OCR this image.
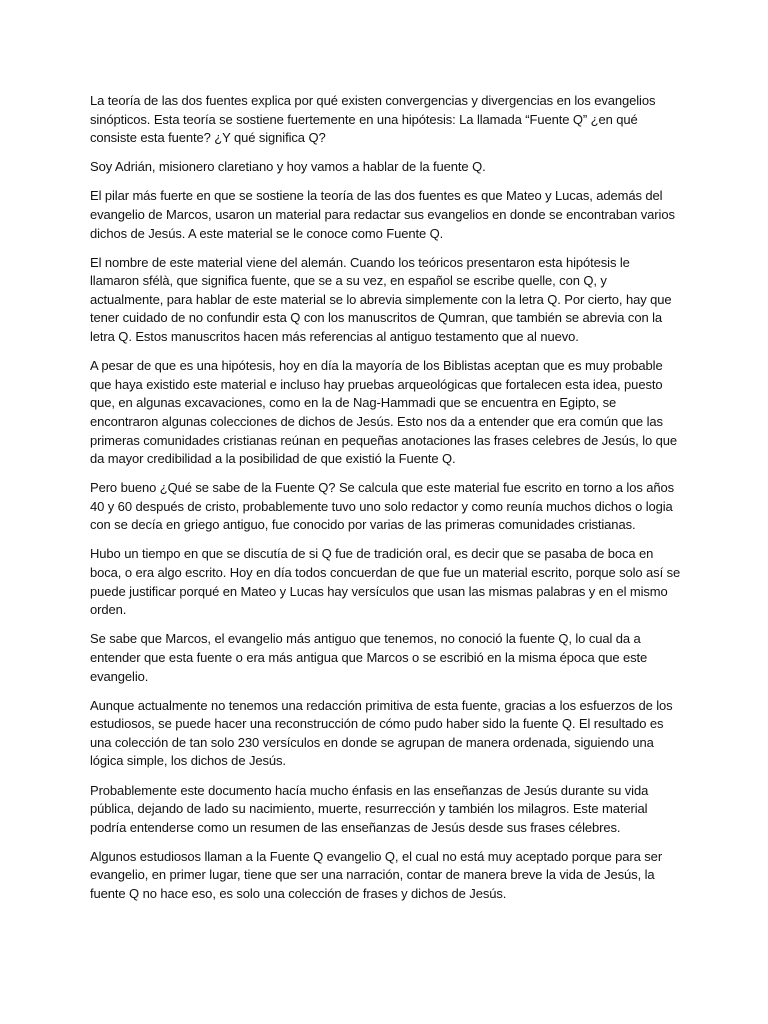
La teoría de las dos fuentes explica por qué existen convergencias y divergencias en los evangelios sinópticos. Esta teoría se sostiene fuertemente en una hipótesis: La llamada “Fuente Q” ¿en qué consiste esta fuente? ¿Y qué significa Q?

Soy Adrián, misionero claretiano y hoy vamos a hablar de la fuente Q.

El pilar más fuerte en que se sostiene la teoría de las dos fuentes es que Mateo y Lucas, además del evangelio de Marcos, usaron un material para redactar sus evangelios en donde se encontraban varios dichos de Jesús. A este material se le conoce como Fuente Q.

El nombre de este material viene del alemán. Cuando los teóricos presentaron esta hipótesis le llamaron sfélà, que significa fuente, que se a su vez, en español se escribe quelle, con Q, y actualmente, para hablar de este material se lo abrevia simplemente con la letra Q. Por cierto, hay que tener cuidado de no confundir esta Q con los manuscritos de Qumran, que también se abrevia con la letra Q. Estos manuscritos hacen más referencias al antiguo testamento que al nuevo.

A pesar de que es una hipótesis, hoy en día la mayoría de los Biblistas aceptan que es muy probable que haya existido este material e incluso hay pruebas arqueológicas que fortalecen esta idea, puesto que, en algunas excavaciones, como en la de Nag-Hammadi que se encuentra en Egipto, se encontraron algunas colecciones de dichos de Jesús. Esto nos da a entender que era común que las primeras comunidades cristianas reúnan en pequeñas anotaciones las frases celebres de Jesús, lo que da mayor credibilidad a la posibilidad de que existió la Fuente Q.

Pero bueno ¿Qué se sabe de la Fuente Q? Se calcula que este material fue escrito en torno a los años 40 y 60 después de cristo, probablemente tuvo uno solo redactor y como reunía muchos dichos o logia con se decía en griego antiguo, fue conocido por varias de las primeras comunidades cristianas.

Hubo un tiempo en que se discutía de si Q fue de tradición oral, es decir que se pasaba de boca en boca, o era algo escrito. Hoy en día todos concuerdan de que fue un material escrito, porque solo así se puede justificar porqué en Mateo y Lucas hay versículos que usan las mismas palabras y en el mismo orden.

Se sabe que Marcos, el evangelio más antiguo que tenemos, no conoció la fuente Q, lo cual da a entender que esta fuente o era más antigua que Marcos o se escribió en la misma época que este evangelio.

Aunque actualmente no tenemos una redacción primitiva de esta fuente, gracias a los esfuerzos de los estudiosos, se puede hacer una reconstrucción de cómo pudo haber sido la fuente Q. El resultado es una colección de tan solo 230 versículos en donde se agrupan de manera ordenada, siguiendo una lógica simple, los dichos de Jesús.

Probablemente este documento hacía mucho énfasis en las enseñanzas de Jesús durante su vida pública, dejando de lado su nacimiento, muerte, resurrección y también los milagros. Este material podría entenderse como un resumen de las enseñanzas de Jesús desde sus frases célebres.

Algunos estudiosos llaman a la Fuente Q evangelio Q, el cual no está muy aceptado porque para ser evangelio, en primer lugar, tiene que ser una narración, contar de manera breve la vida de Jesús, la fuente Q no hace eso, es solo una colección de frases y dichos de Jesús.
